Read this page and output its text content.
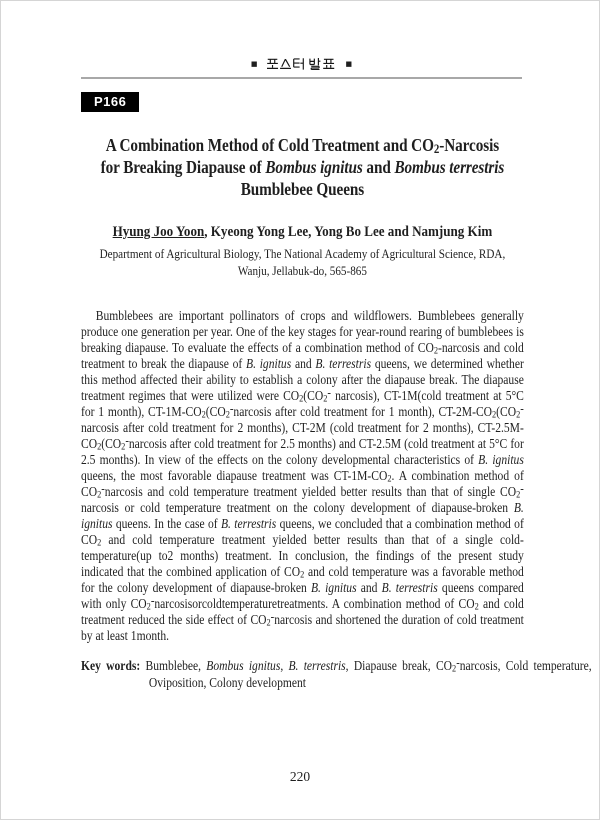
■	■
P166
A Combination Method of Cold Treatment and $CO_2$-Narcosis
for Breaking Diapause of Bombus ignitus and Bombus terrestris
Bumblebee Queens
Hyung Joo Yoon, Kyeong Yong Lee, Yong Bo Lee and Namjung Kim
Department of Agricultural Biology, The National Academy of Agricultural Science, RDA,
Wanju, Jellabuk-do, 565-865
Bumblebees are important pollinators of crops and wildflowers. Bumblebees generally produce one generation per year. One of the key stages for year-round rearing of bumblebees is breaking diapause. To evaluate the effects of a combination method of $CO_2$-narcosis and cold treatment to break the diapause of B. ignitus and B. terrestris queens, we determined whether this method affected their ability to establish a colony after the diapause break. The diapause treatment regimes that were utilized were $CO_2(CO_2^-$ narcosis), CT-1M(cold treatment at 5°C for 1 month), $CT-1M-CO_2(CO_2^-narcosis$ after cold treatment for 1 month), $CT-2M-CO_2(CO_2^-narcosis$ after cold treatment for 2 months), CT-2M (cold treatment for 2 months), $CT-2.5M-CO_2(CO_2^-narcosis$ after cold treatment for 2.5 months) and CT-2.5M (cold treatment at 5°C for 2.5 months). In view of the effects on the colony developmental characteristics of B. ignitus queens, the most favorable diapause treatment was $CT-1M-CO_2$. A combination method of $CO_2^-narcosis$ and cold temperature treatment yielded better results than that of single $CO_2^-narcosis$ or cold temperature treatment on the colony development of diapause-broken B. ignitus queens. In the case of B. terrestris queens, we concluded that a combination method of $CO_2$ and cold temperature treatment yielded better results than that of a single cold-temperature(up to2 months) treatment. In conclusion, the findings of the present study indicated that the combined application of $CO_2$ and cold temperature was a favorable method for the colony development of diapause-broken B. ignitus and B. terrestris queens compared with only $CO_2^-narcosisorcoldtemperaturetreatments$. A combination method of $CO_2$ and cold treatment reduced the side effect of $CO_2^-narcosis$ and shortened the duration of cold treatment by at least 1month.
Key words: Bumblebee, Bombus ignitus, B. terrestris, Diapause break, $CO_2^-narcosis$, Cold temperature, Oviposition, Colony development
220
